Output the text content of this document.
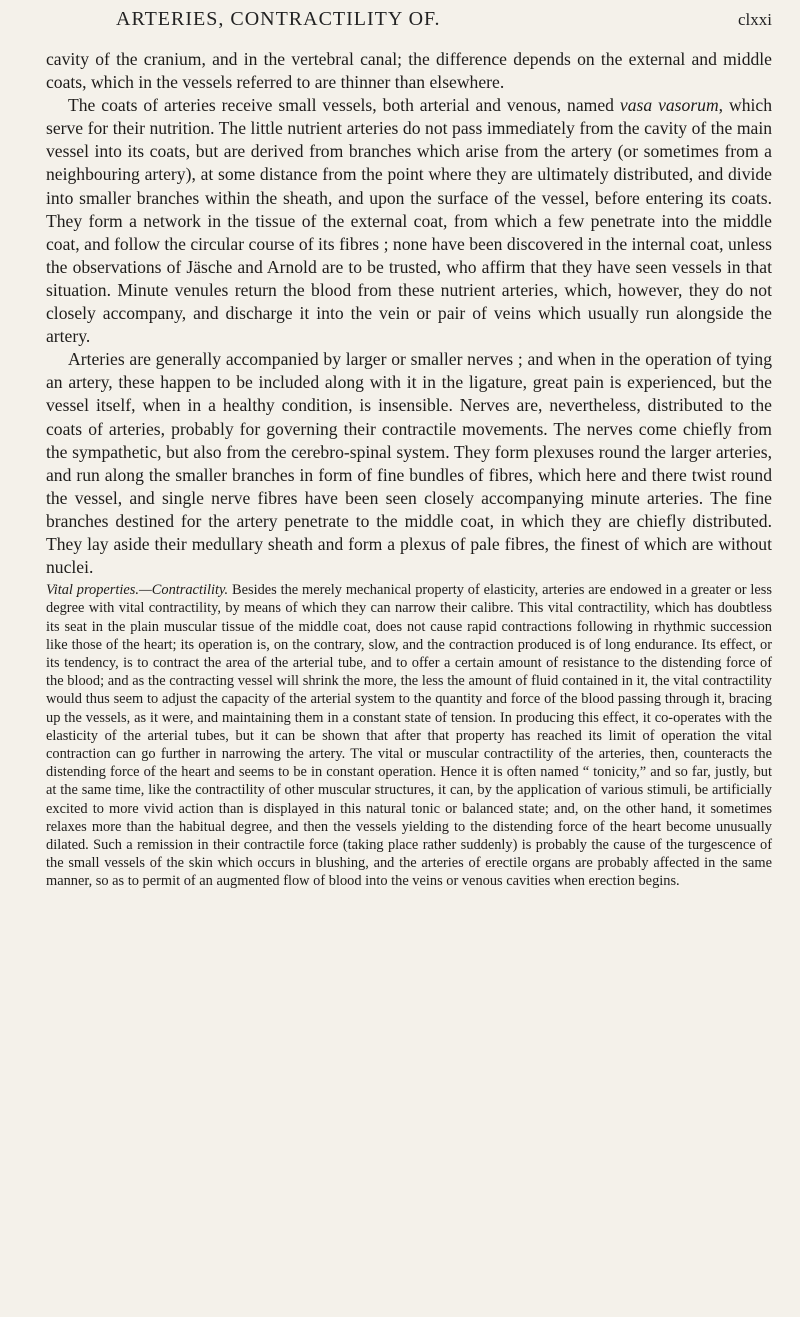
ARTERIES, CONTRACTILITY OF.	clxxi

cavity of the cranium, and in the vertebral canal; the difference depends on the external and middle coats, which in the vessels referred to are thinner than elsewhere.

The coats of arteries receive small vessels, both arterial and venous, named vasa vasorum, which serve for their nutrition. The little nutrient arteries do not pass immediately from the cavity of the main vessel into its coats, but are derived from branches which arise from the artery (or sometimes from a neighbouring artery), at some distance from the point where they are ultimately distributed, and divide into smaller branches within the sheath, and upon the surface of the vessel, before entering its coats. They form a network in the tissue of the external coat, from which a few penetrate into the middle coat, and follow the circular course of its fibres ; none have been discovered in the internal coat, unless the observations of Jäsche and Arnold are to be trusted, who affirm that they have seen vessels in that situation. Minute venules return the blood from these nutrient arteries, which, however, they do not closely accompany, and discharge it into the vein or pair of veins which usually run alongside the artery.

Arteries are generally accompanied by larger or smaller nerves ; and when in the operation of tying an artery, these happen to be included along with it in the ligature, great pain is experienced, but the vessel itself, when in a healthy condition, is insensible. Nerves are, nevertheless, distributed to the coats of arteries, probably for governing their contractile movements. The nerves come chiefly from the sympathetic, but also from the cerebro-spinal system. They form plexuses round the larger arteries, and run along the smaller branches in form of fine bundles of fibres, which here and there twist round the vessel, and single nerve fibres have been seen closely accompanying minute arteries. The fine branches destined for the artery penetrate to the middle coat, in which they are chiefly distributed. They lay aside their medullary sheath and form a plexus of pale fibres, the finest of which are without nuclei.

Vital properties.—Contractility. Besides the merely mechanical property of elasticity, arteries are endowed in a greater or less degree with vital contractility, by means of which they can narrow their calibre. This vital contractility, which has doubtless its seat in the plain muscular tissue of the middle coat, does not cause rapid contractions following in rhythmic succession like those of the heart; its operation is, on the contrary, slow, and the contraction produced is of long endurance. Its effect, or its tendency, is to contract the area of the arterial tube, and to offer a certain amount of resistance to the distending force of the blood; and as the contracting vessel will shrink the more, the less the amount of fluid contained in it, the vital contractility would thus seem to adjust the capacity of the arterial system to the quantity and force of the blood passing through it, bracing up the vessels, as it were, and maintaining them in a constant state of tension. In producing this effect, it co-operates with the elasticity of the arterial tubes, but it can be shown that after that property has reached its limit of operation the vital contraction can go further in narrowing the artery. The vital or muscular contractility of the arteries, then, counteracts the distending force of the heart and seems to be in constant operation. Hence it is often named “ tonicity,” and so far, justly, but at the same time, like the contractility of other muscular structures, it can, by the application of various stimuli, be artificially excited to more vivid action than is displayed in this natural tonic or balanced state; and, on the other hand, it sometimes relaxes more than the habitual degree, and then the vessels yielding to the distending force of the heart become unusually dilated. Such a remission in their contractile force (taking place rather suddenly) is probably the cause of the turgescence of the small vessels of the skin which occurs in blushing, and the arteries of erectile organs are probably affected in the same manner, so as to permit of an augmented flow of blood into the veins or venous cavities when erection begins.
